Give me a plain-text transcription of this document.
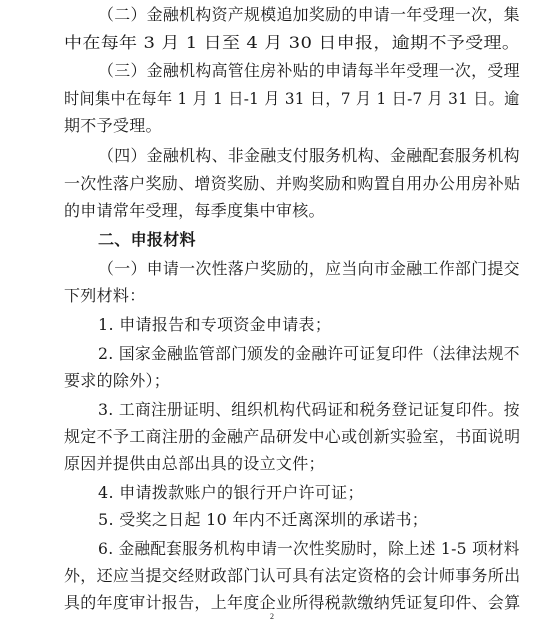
（二）金融机构资产规模追加奖励的申请一年受理一次，集
中在每年 3 月 1 日至 4 月 30 日申报，逾期不予受理。
（三）金融机构高管住房补贴的申请每半年受理一次，受理
时间集中在每年 1 月 1 日-1 月 31 日，7 月 1 日-7 月 31 日。逾
期不予受理。
（四）金融机构、非金融支付服务机构、金融配套服务机构
一次性落户奖励、增资奖励、并购奖励和购置自用办公用房补贴
的申请常年受理，每季度集中审核。
二、申报材料
（一）申请一次性落户奖励的，应当向市金融工作部门提交
下列材料：
1. 申请报告和专项资金申请表；
2. 国家金融监管部门颁发的金融许可证复印件（法律法规不
要求的除外）；
3. 工商注册证明、组织机构代码证和税务登记证复印件。按
规定不予工商注册的金融产品研发中心或创新实验室，书面说明
原因并提供由总部出具的设立文件；
4. 申请拨款账户的银行开户许可证；
5. 受奖之日起 10 年内不迁离深圳的承诺书；
6. 金融配套服务机构申请一次性奖励时，除上述 1-5 项材料
外，还应当提交经财政部门认可具有法定资格的会计师事务所出
具的年度审计报告，上年度企业所得税款缴纳凭证复印件、会算
2
